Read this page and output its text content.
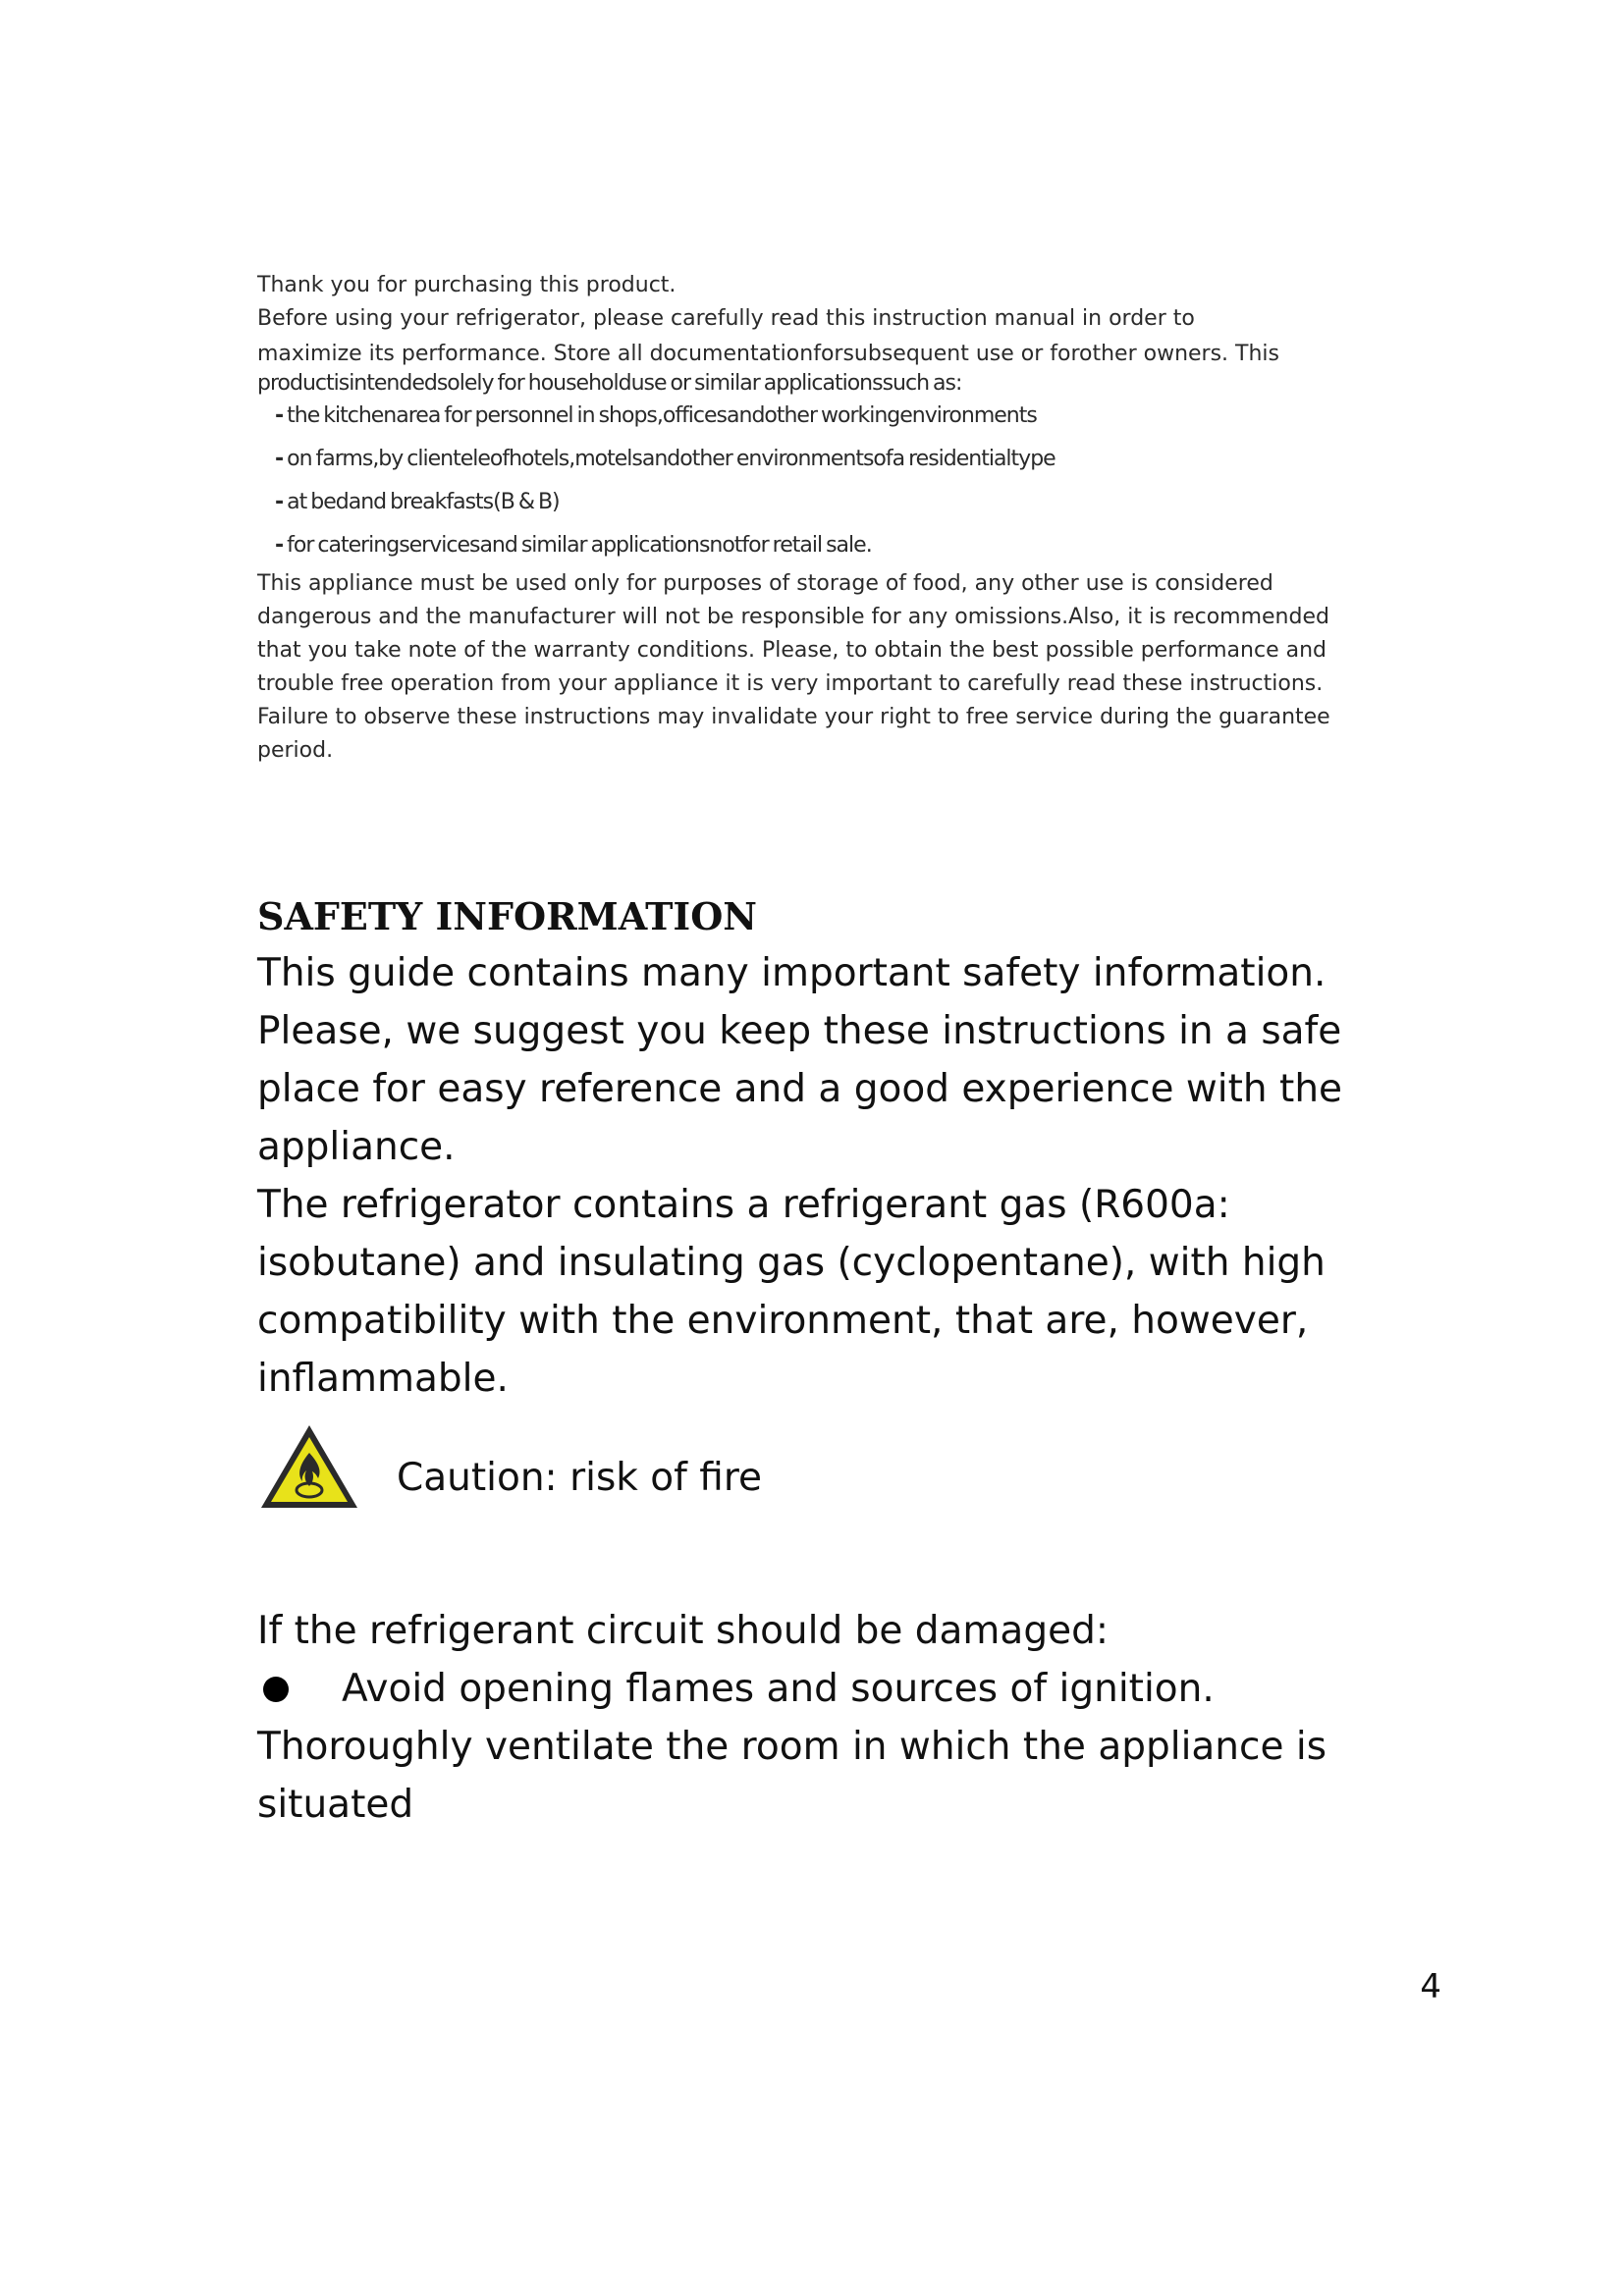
Thank you for purchasing this product.

Before using your refrigerator, please carefully read this instruction manual in order to

maximize its performance. Store all documentationforsubsequent use or forother owners. This

productisintendedsolely for householduse or similar applicationssuch as:

- the kitchenarea for personnel in shops,officesandother workingenvironments
- on farms,by clienteleofhotels,motelsandother environmentsofa residentialtype
- at bedand breakfasts(B & B)
- for cateringservicesand similar applicationsnotfor retail sale.

This appliance must be used only for purposes of storage of food, any other use is considered

dangerous and the manufacturer will not be responsible for any omissions.Also, it is recommended

that you take note of the warranty conditions. Please, to obtain the best possible performance and

trouble free operation from your appliance it is very important to carefully read these instructions.

Failure to observe these instructions may invalidate your right to free service during the guarantee

period.

SAFETY INFORMATION

This guide contains many important safety information.

Please, we suggest you keep these instructions in a safe

place for easy reference and a good experience with the

appliance.

The refrigerator contains a refrigerant gas (R600a:

isobutane) and insulating gas (cyclopentane), with high

compatibility with the environment, that are, however,

inflammable.

Caution: risk of fire

If the refrigerant circuit should be damaged:

Avoid opening flames and sources of ignition.

Thoroughly ventilate the room in which the appliance is

situated

4
